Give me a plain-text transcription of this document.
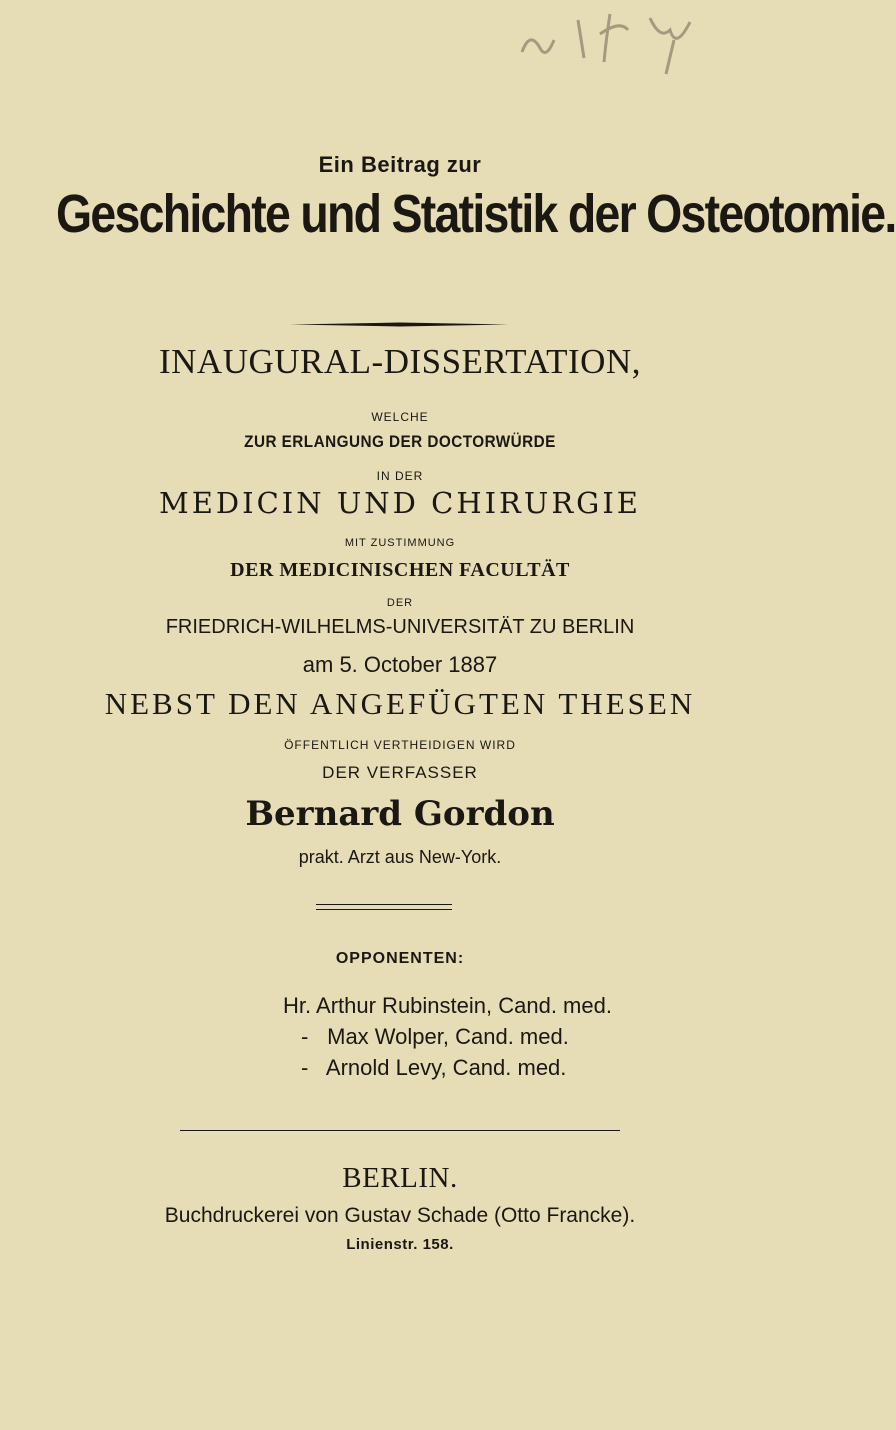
Ein Beitrag zur
Geschichte und Statistik der Osteotomie.
INAUGURAL-DISSERTATION,
WELCHE
ZUR ERLANGUNG DER DOCTORWÜRDE
IN DER
MEDICIN UND CHIRURGIE
MIT ZUSTIMMUNG
DER MEDICINISCHEN FACULTÄT
DER
FRIEDRICH-WILHELMS-UNIVERSITÄT ZU BERLIN
am 5. October 1887
NEBST DEN ANGEFÜGTEN THESEN
ÖFFENTLICH VERTHEIDIGEN WIRD
DER VERFASSER
Bernard Gordon
prakt. Arzt aus New-York.
OPPONENTEN:
Hr. Arthur Rubinstein, Cand. med.
- Max Wolper, Cand. med.
- Arnold Levy, Cand. med.
BERLIN.
Buchdruckerei von Gustav Schade (Otto Francke).
Linienstr. 158.
